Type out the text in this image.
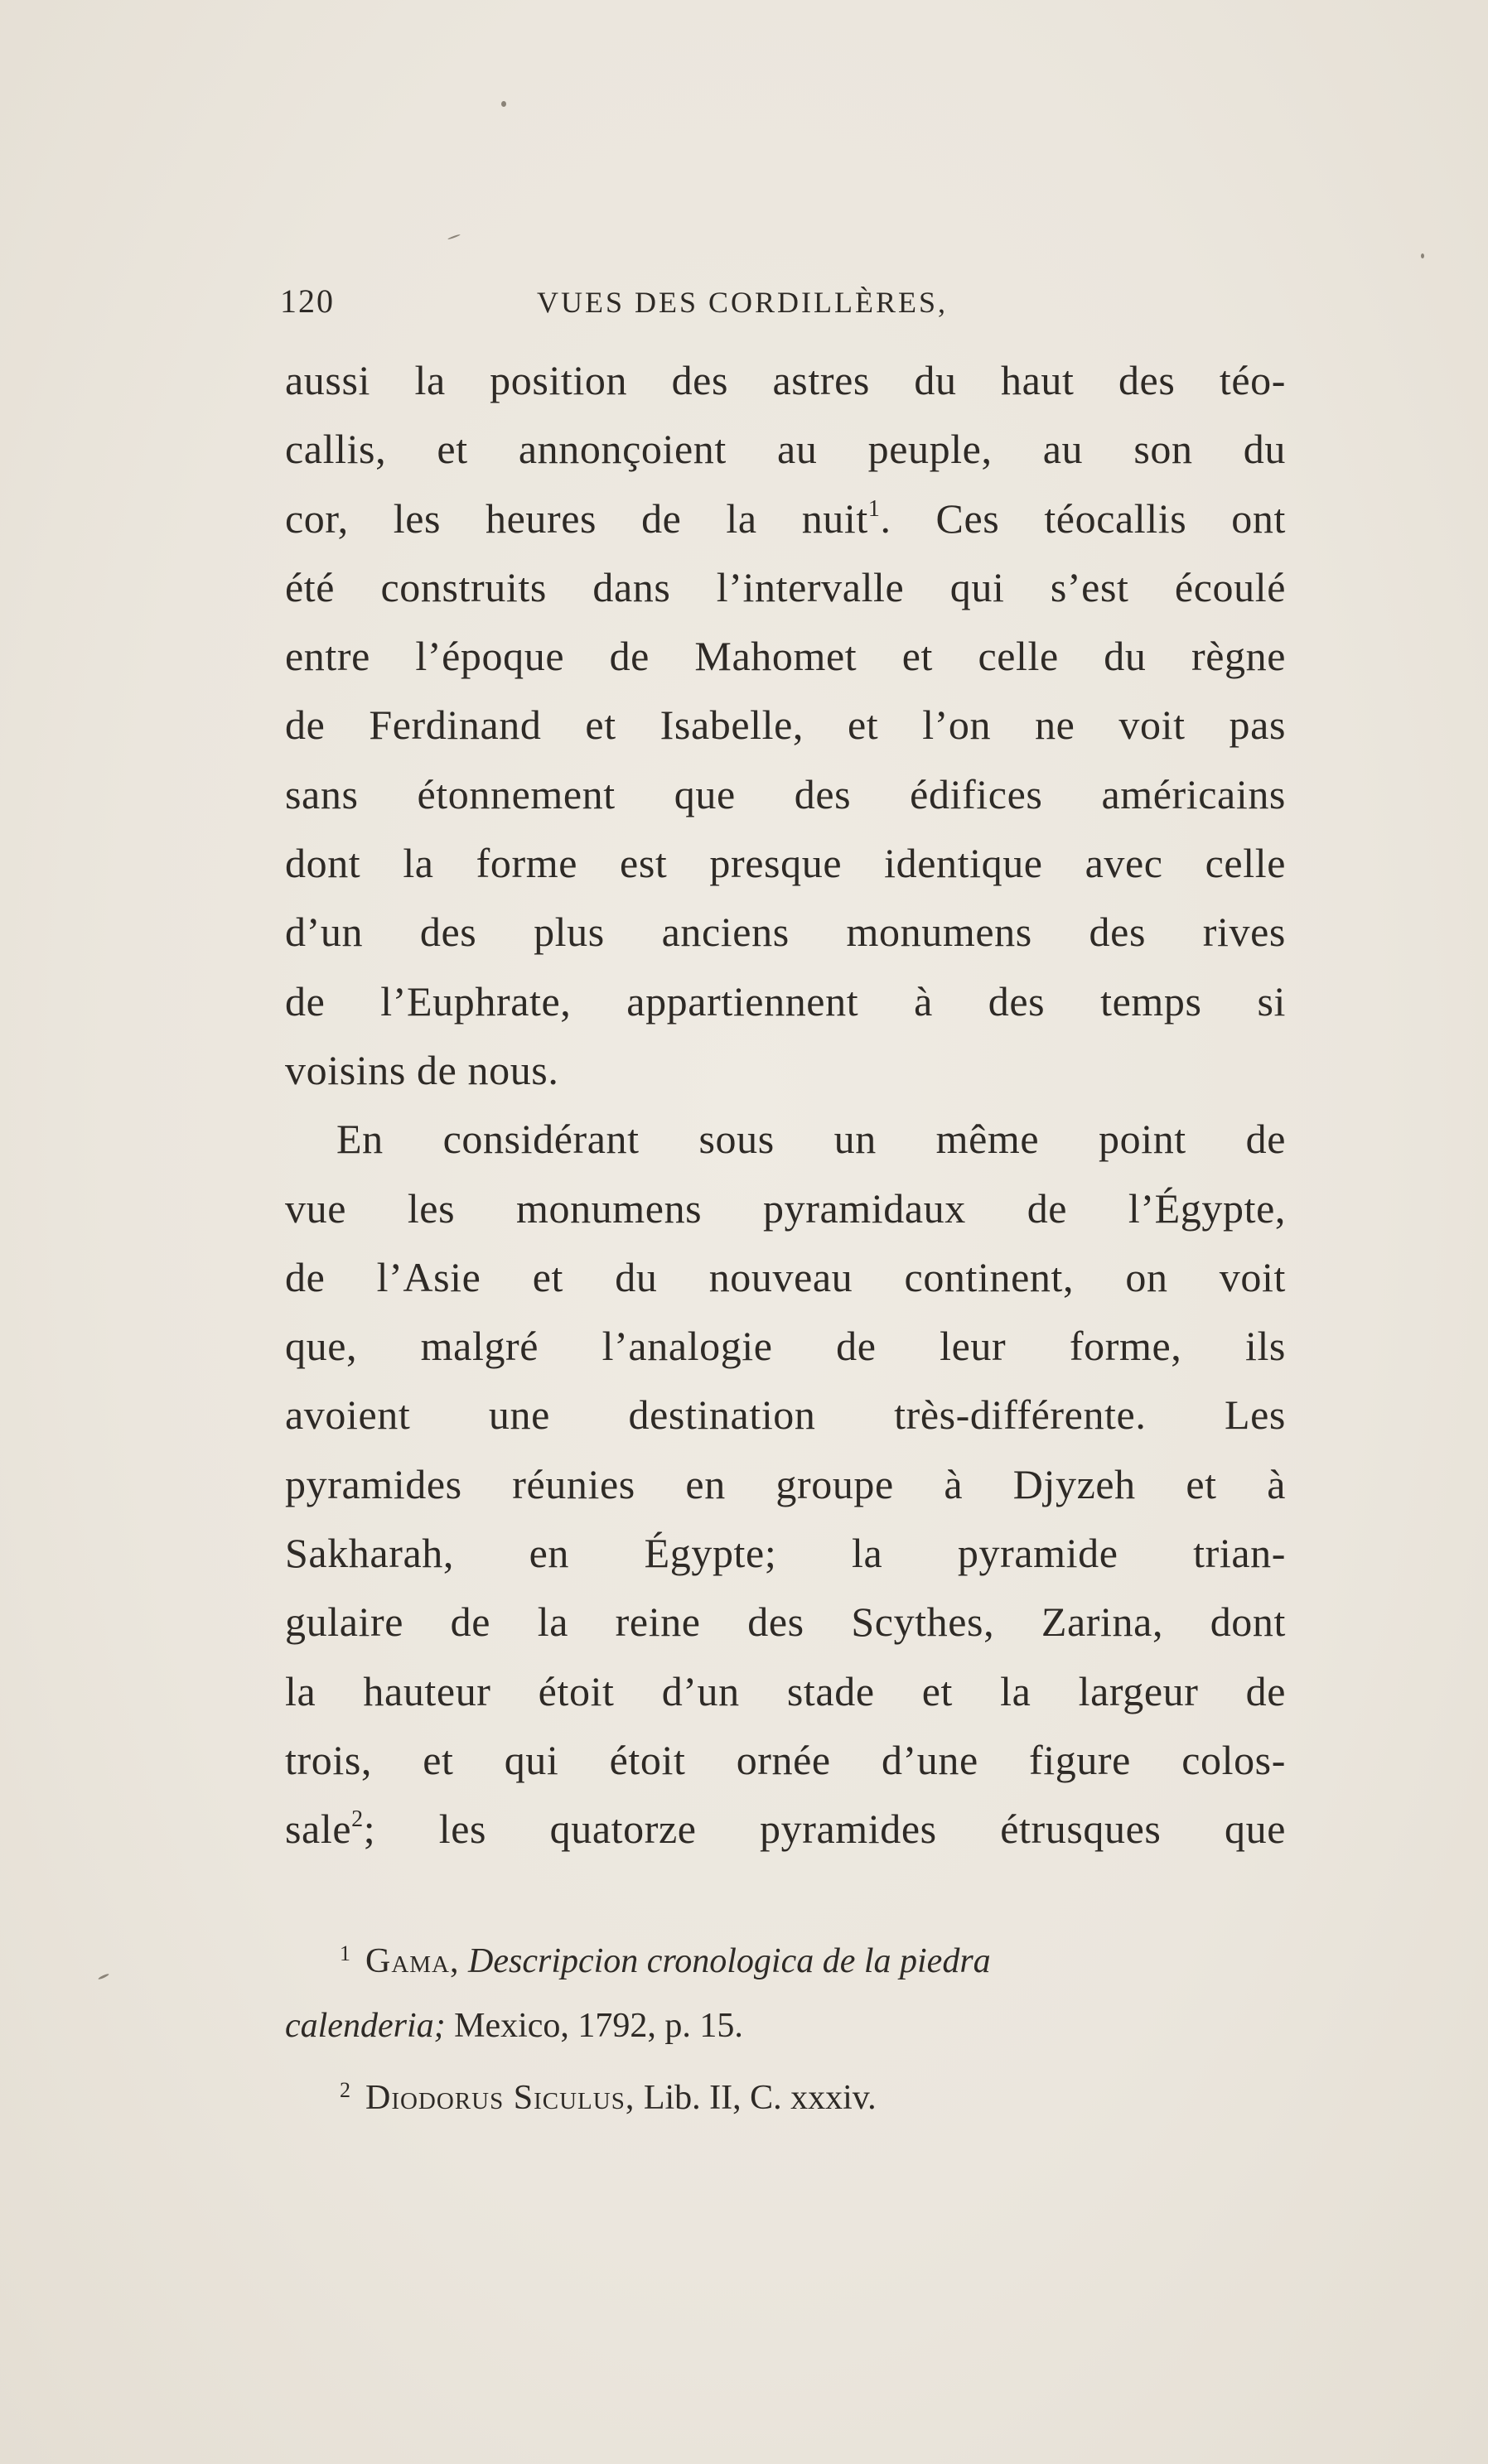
120	VUES DES CORDILLÈRES,

aussi la position des astres du haut des téo-
callis, et annonçoient au peuple, au son du
cor, les heures de la nuit$^1$. Ces téocallis ont
été construits dans l’intervalle qui s’est écoulé
entre l’époque de Mahomet et celle du règne
de Ferdinand et Isabelle, et l’on ne voit pas
sans étonnement que des édifices américains
dont la forme est presque identique avec celle
d’un des plus anciens monumens des rives
de l’Euphrate, appartiennent à des temps si
voisins de nous.

En considérant sous un même point de
vue les monumens pyramidaux de l’Égypte,
de l’Asie et du nouveau continent, on voit
que, malgré l’analogie de leur forme, ils
avoient une destination très-différente. Les
pyramides réunies en groupe à Djyzeh et à
Sakharah, en Égypte; la pyramide trian-
gulaire de la reine des Scythes, Zarina, dont
la hauteur étoit d’un stade et la largeur de
trois, et qui étoit ornée d’une figure colos-
sale$^2$; les quatorze pyramides étrusques que

$^1$ Gama, Descripcion cronologica de la piedra
calenderia; Mexico, 1792, p. 15.
$^2$ Diodorus Siculus, Lib. II, C. xxxiv.
